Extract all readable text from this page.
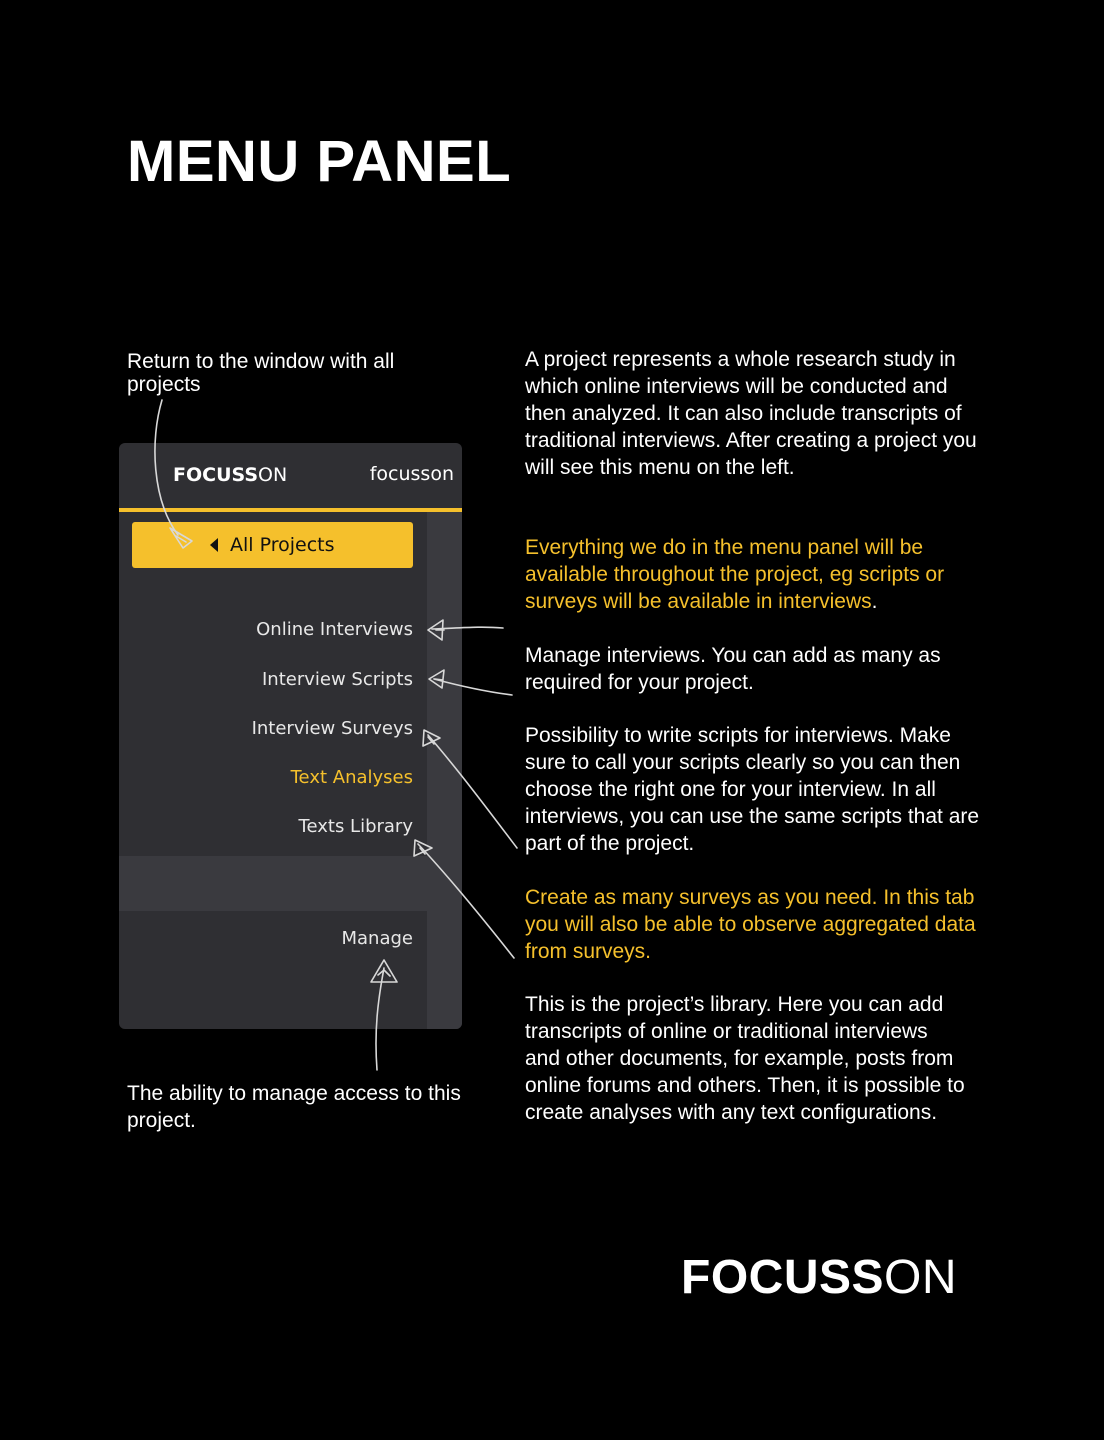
MENU PANEL
Return to the window with all projects
A project represents a whole research study in which online interviews will be conducted and then analyzed. It can also include transcripts of traditional interviews. After creating a project you will see this menu on the left.
Everything we do in the menu panel will be available throughout the project, eg scripts or surveys will be available in interviews.
Manage interviews. You can add as many as required for your project.
Possibility to write scripts for interviews. Make sure to call your scripts clearly so you can then choose the right one for your interview. In all interviews, you can use the same scripts that are part of the project.
Create as many surveys as you need. In this tab you will also be able to observe aggregated data from surveys.
This is the project’s library. Here you can add transcripts of online or traditional interviews and other documents, for example, posts from online forums and others. Then, it is possible to create analyses with any text configurations.
The ability to manage access to this project.
FOCUSSON	focusson
All Projects
Online Interviews
Interview Scripts
Interview Surveys
Text Analyses
Texts Library
Manage
FOCUSSON
